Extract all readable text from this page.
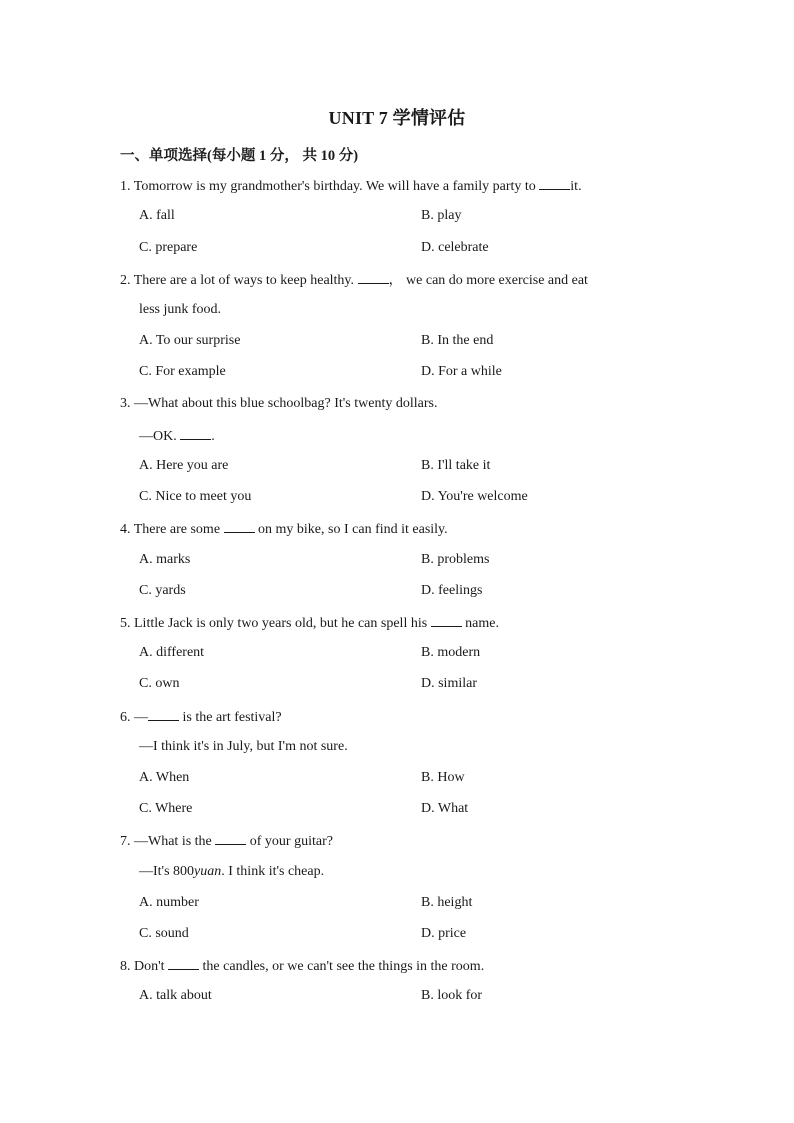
UNIT 7 学情评估
一、单项选择(每小题 1 分， 共 10 分)
1. Tomorrow is my grandmother's birthday. We will have a family party to it.
A. fall	B. play
C. prepare	D. celebrate
2. There are a lot of ways to keep healthy. ， we can do more exercise and eat
less junk food.
A. To our surprise	B. In the end
C. For example	D. For a while
3. —What about this blue schoolbag? It's twenty dollars.
—OK. .
A. Here you are	B. I'll take it
C. Nice to meet you	D. You're welcome
4. There are some	on my bike, so I can find it easily.
A. marks	B. problems
C. yards	D. feelings
5. Little Jack is only two years old, but he can spell his	name.
A. different	B. modern
C. own	D. similar
6. — is the art festival?
—I think it's in July, but I'm not sure.
A. When	B. How
C. Where	D. What
7. —What is the	of your guitar?
—It's 800yuan. I think it's cheap.
A. number	B. height
C. sound	D. price
8. Don't	the candles, or we can't see the things in the room.
A. talk about	B. look for
